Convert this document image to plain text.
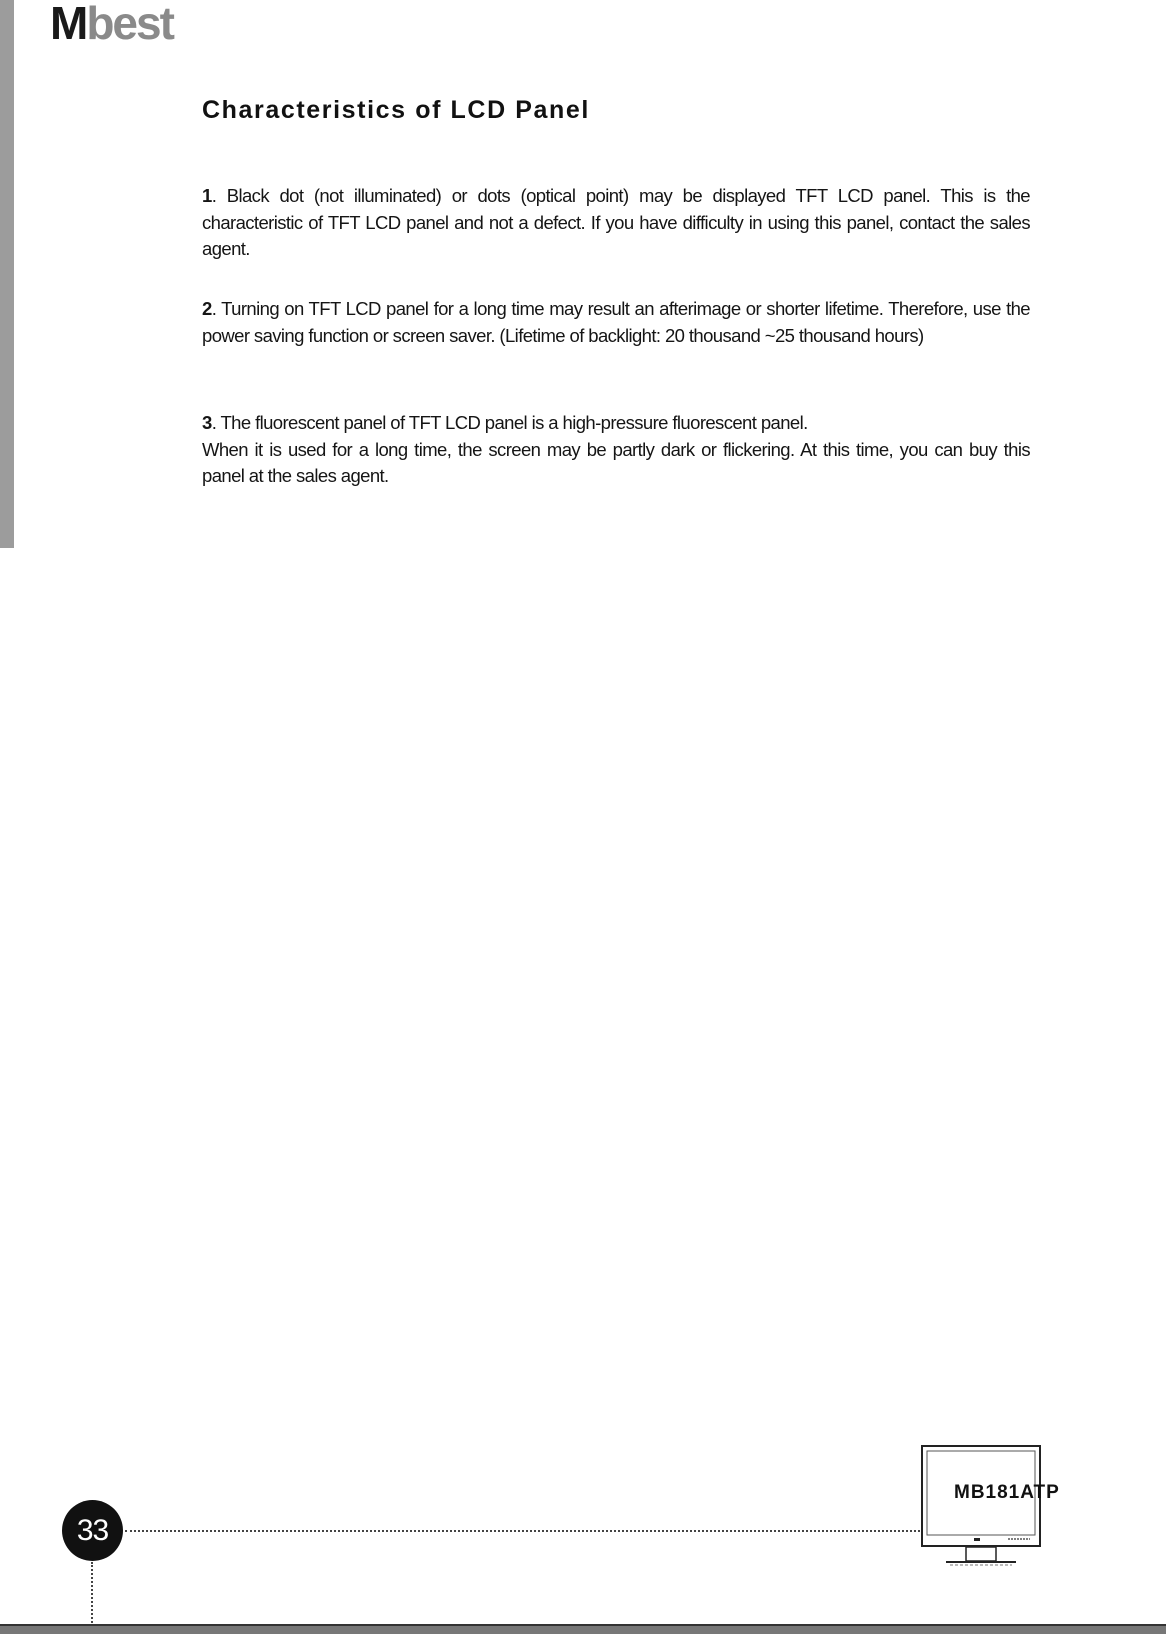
M best
Characteristics of LCD Panel

1. Black dot (not illuminated) or dots (optical point) may be displayed TFT LCD panel. This is the characteristic of TFT LCD panel and not a defect. If you have difficulty in using this panel, contact the sales agent.

2. Turning on TFT LCD panel for a long time may result an afterimage or shorter lifetime. Therefore, use the power saving function or screen saver. (Lifetime of backlight: 20 thousand ~25 thousand hours)

3. The fluorescent panel of TFT LCD panel is a high-pressure fluorescent panel.
When it is used for a long time, the screen may be partly dark or flickering. At this time, you can buy this panel at the sales agent.

33
MB181ATP
